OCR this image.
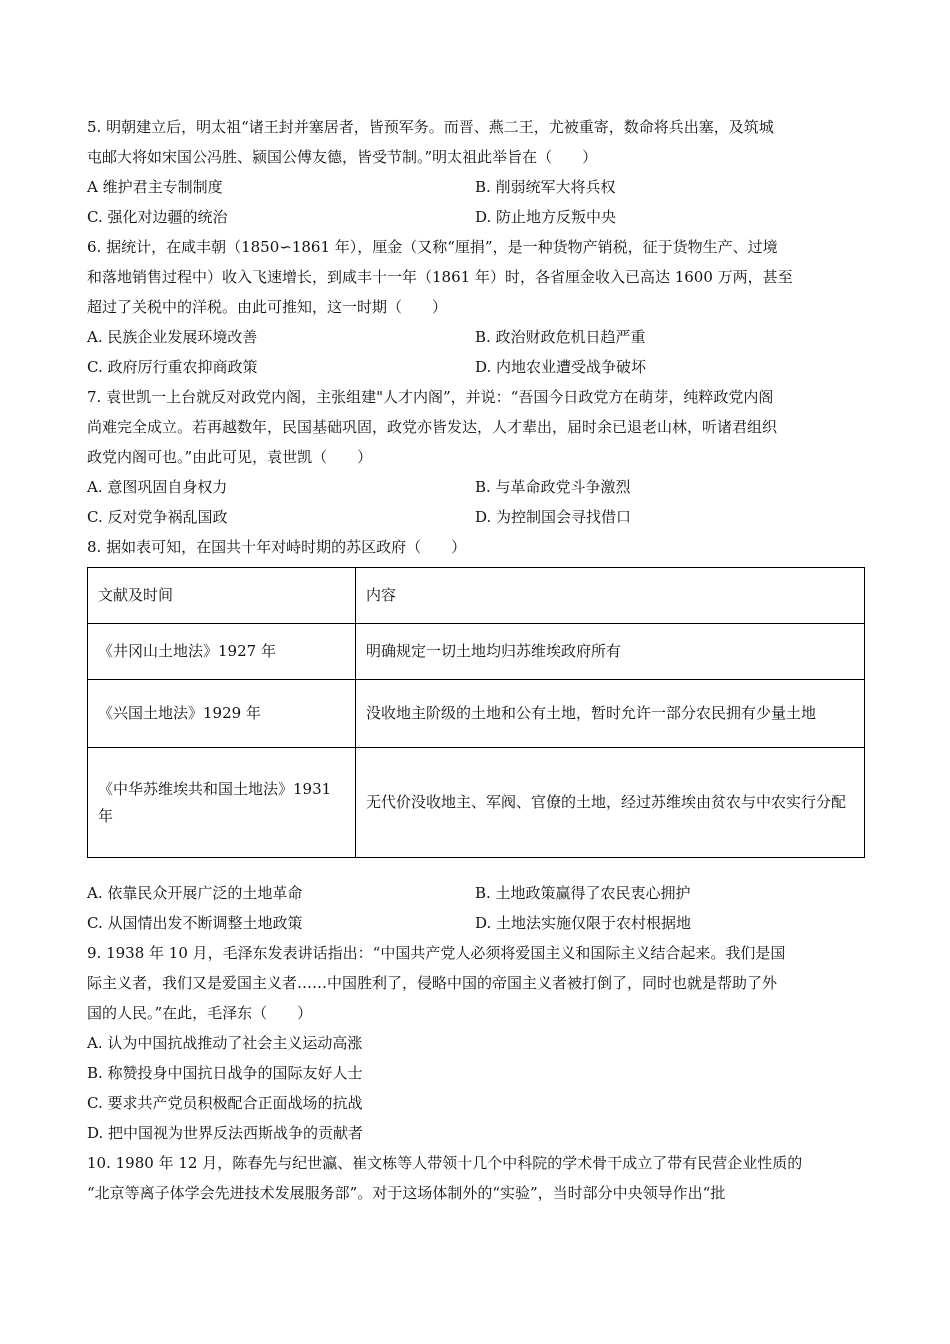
5. 明朝建立后，明太祖“诸王封并塞居者，皆预军务。而晋、燕二王，尤被重寄，数命将兵出塞，及筑城
屯邮大将如宋国公冯胜、颍国公傅友德，皆受节制。”明太祖此举旨在（　　）
A 维护君主专制制度	B. 削弱统军大将兵权
C. 强化对边疆的统治	D. 防止地方反叛中央
6. 据统计，在咸丰朝（1850∽1861 年），厘金（又称“厘捐”，是一种货物产销税，征于货物生产、过境
和落地销售过程中）收入飞速增长，到咸丰十一年（1861 年）时，各省厘金收入已高达 1600 万两，甚至
超过了关税中的洋税。由此可推知，这一时期（　　）
A. 民族企业发展环境改善	B. 政治财政危机日趋严重
C. 政府厉行重农抑商政策	D. 内地农业遭受战争破坏
7. 袁世凯一上台就反对政党内阁，主张组建"人才内阁”，并说：“吾国今日政党方在萌芽，纯粹政党内阁
尚难完全成立。若再越数年，民国基础巩固，政党亦皆发达，人才辈出，届时余已退老山林，听诸君组织
政党内阁可也。”由此可见，袁世凯（　　）
A. 意图巩固自身权力	B. 与革命政党斗争激烈
C. 反对党争祸乱国政	D. 为控制国会寻找借口
8. 据如表可知，在国共十年对峙时期的苏区政府（　　）
文献及时间	内容
《井冈山土地法》1927 年	明确规定一切土地均归苏维埃政府所有
《兴国土地法》1929 年	没收地主阶级的土地和公有土地，暂时允许一部分农民拥有少量土地
《中华苏维埃共和国土地法》1931 年	无代价没收地主、军阀、官僚的土地，经过苏维埃由贫农与中农实行分配
A. 依靠民众开展广泛的土地革命	B. 土地政策赢得了农民衷心拥护
C. 从国情出发不断调整土地政策	D. 土地法实施仅限于农村根据地
9. 1938 年 10 月，毛泽东发表讲话指出：“中国共产党人必须将爱国主义和国际主义结合起来。我们是国
际主义者，我们又是爱国主义者……中国胜利了，侵略中国的帝国主义者被打倒了，同时也就是帮助了外
国的人民。”在此，毛泽东（　　）
A. 认为中国抗战推动了社会主义运动高涨
B. 称赞投身中国抗日战争的国际友好人士
C. 要求共产党员积极配合正面战场的抗战
D. 把中国视为世界反法西斯战争的贡献者
10. 1980 年 12 月，陈春先与纪世瀛、崔文栋等人带领十几个中科院的学术骨干成立了带有民营企业性质的
“北京等离子体学会先进技术发展服务部”。对于这场体制外的“实验”，当时部分中央领导作出“批
